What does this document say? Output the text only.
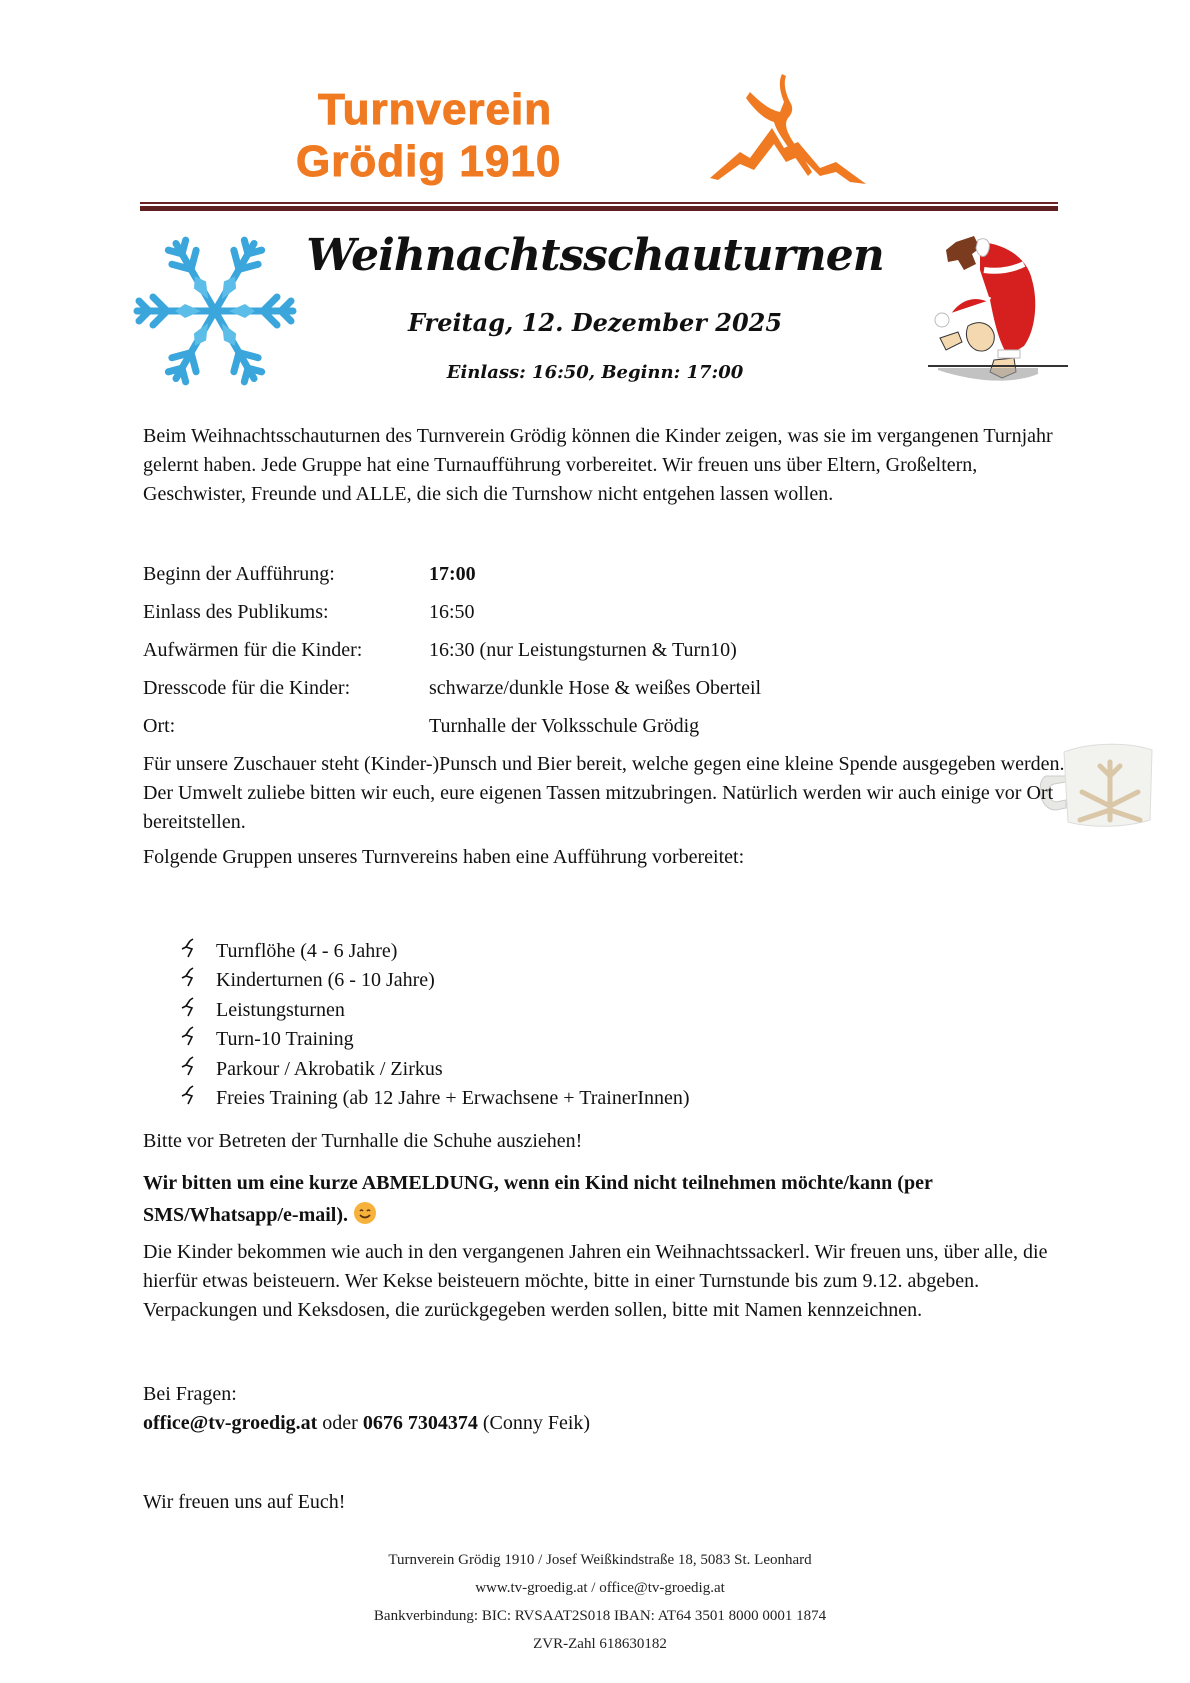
Turnverein
Grödig 1910
Weihnachtsschauturnen
Freitag, 12. Dezember 2025
Einlass: 16:50, Beginn: 17:00
Beim Weihnachtsschauturnen des Turnverein Grödig können die Kinder zeigen, was sie im vergangenen Turnjahr gelernt haben. Jede Gruppe hat eine Turnaufführung vorbereitet. Wir freuen uns über Eltern, Großeltern, Geschwister, Freunde und ALLE, die sich die Turnshow nicht entgehen lassen wollen.
Beginn der Aufführung:	17:00
Einlass des Publikums:	16:50
Aufwärmen für die Kinder:	16:30 (nur Leistungsturnen & Turn10)
Dresscode für die Kinder:	schwarze/dunkle Hose & weißes Oberteil
Ort:	Turnhalle der Volksschule Grödig
Für unsere Zuschauer steht (Kinder-)Punsch und Bier bereit, welche gegen eine kleine Spende ausgegeben werden. Der Umwelt zuliebe bitten wir euch, eure eigenen Tassen mitzubringen. Natürlich werden wir auch einige vor Ort bereitstellen.
Folgende Gruppen unseres Turnvereins haben eine Aufführung vorbereitet:
Turnflöhe (4 - 6 Jahre)
Kinderturnen (6 - 10 Jahre)
Leistungsturnen
Turn-10 Training
Parkour / Akrobatik / Zirkus
Freies Training (ab 12 Jahre + Erwachsene + TrainerInnen)
Bitte vor Betreten der Turnhalle die Schuhe ausziehen!
Wir bitten um eine kurze ABMELDUNG, wenn ein Kind nicht teilnehmen möchte/kann (per SMS/Whatsapp/e-mail).
Die Kinder bekommen wie auch in den vergangenen Jahren ein Weihnachtssackerl. Wir freuen uns, über alle, die hierfür etwas beisteuern. Wer Kekse beisteuern möchte, bitte in einer Turnstunde bis zum 9.12. abgeben. Verpackungen und Keksdosen, die zurückgegeben werden sollen, bitte mit Namen kennzeichnen.
Bei Fragen:
office@tv-groedig.at oder 0676 7304374 (Conny Feik)
Wir freuen uns auf Euch!
Turnverein Grödig 1910 / Josef Weißkindstraße 18, 5083 St. Leonhard
www.tv-groedig.at / office@tv-groedig.at
Bankverbindung: BIC: RVSAAT2S018 IBAN: AT64 3501 8000 0001 1874
ZVR-Zahl 618630182
